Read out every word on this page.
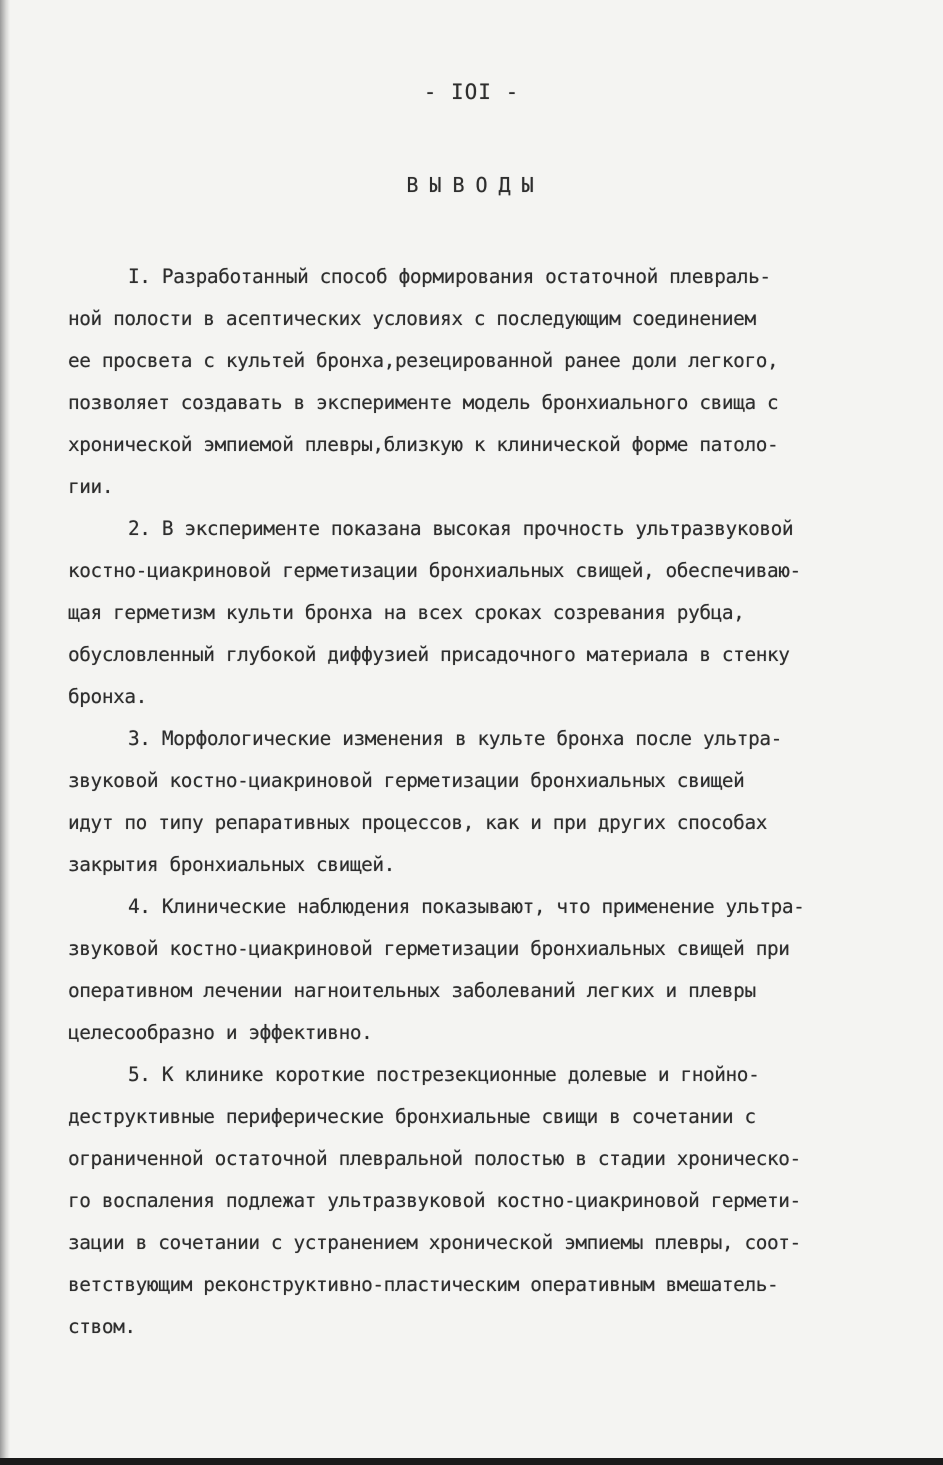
- IOI -
ВЫВОДЫ
I. Разработанный способ формирования остаточной плевраль-
ной полости в асептических условиях с последующим соединением
ее просвета с культей бронха,резецированной ранее доли легкого,
позволяет создавать в эксперименте модель бронхиального свища с
хронической эмпиемой плевры,близкую к клинической форме патоло-
гии.
2. В эксперименте показана высокая прочность ультразвуковой
костно-циакриновой герметизации бронхиальных свищей, обеспечиваю-
щая герметизм культи бронха на всех сроках созревания рубца,
обусловленный глубокой диффузией присадочного материала в стенку
бронха.
3. Морфологические изменения в культе бронха после ультра-
звуковой костно-циакриновой герметизации бронхиальных свищей
идут по типу репаративных процессов, как и при других способах
закрытия бронхиальных свищей.
4. Клинические наблюдения показывают, что применение ультра-
звуковой костно-циакриновой герметизации бронхиальных свищей при
оперативном лечении нагноительных заболеваний легких и плевры
целесообразно и эффективно.
5. К клинике короткие пострезекционные долевые и гнойно-
деструктивные периферические бронхиальные свищи в сочетании с
ограниченной остаточной плевральной полостью в стадии хроническо-
го воспаления подлежат ультразвуковой костно-циакриновой гермети-
зации в сочетании с устранением хронической эмпиемы плевры, соот-
ветствующим реконструктивно-пластическим оперативным вмешатель-
ством.
